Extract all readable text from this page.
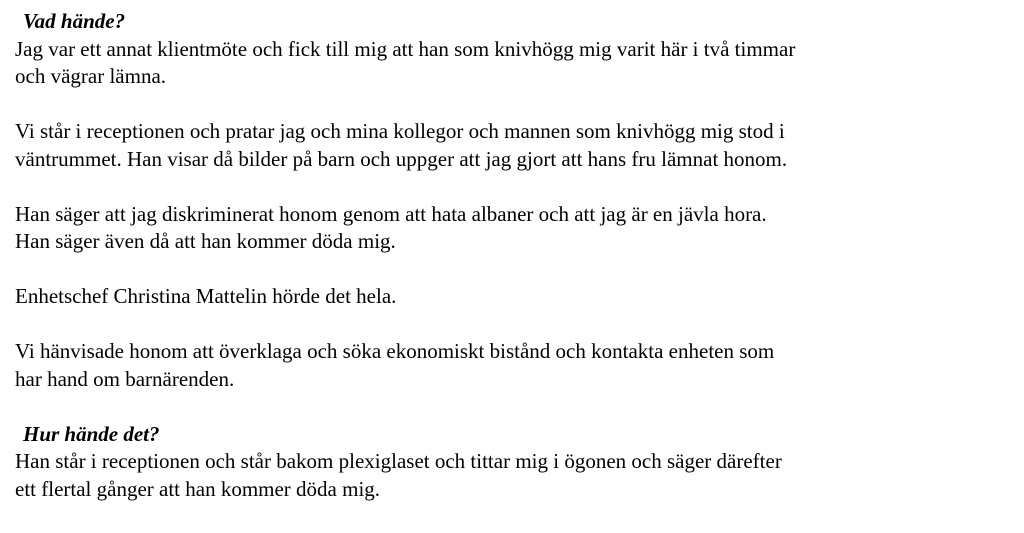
Vad hände?
Jag var ett annat klientmöte och fick till mig att han som knivhögg mig varit här i två timmar
och vägrar lämna.
Vi står i receptionen och pratar jag och mina kollegor och mannen som knivhögg mig stod i
väntrummet. Han visar då bilder på barn och uppger att jag gjort att hans fru lämnat honom.
Han säger att jag diskriminerat honom genom att hata albaner och att jag är en jävla hora.
Han säger även då att han kommer döda mig.
Enhetschef Christina Mattelin hörde det hela.
Vi hänvisade honom att överklaga och söka ekonomiskt bistånd och kontakta enheten som
har hand om barnärenden.
Hur hände det?
Han står i receptionen och står bakom plexiglaset och tittar mig i ögonen och säger därefter
ett flertal gånger att han kommer döda mig.
